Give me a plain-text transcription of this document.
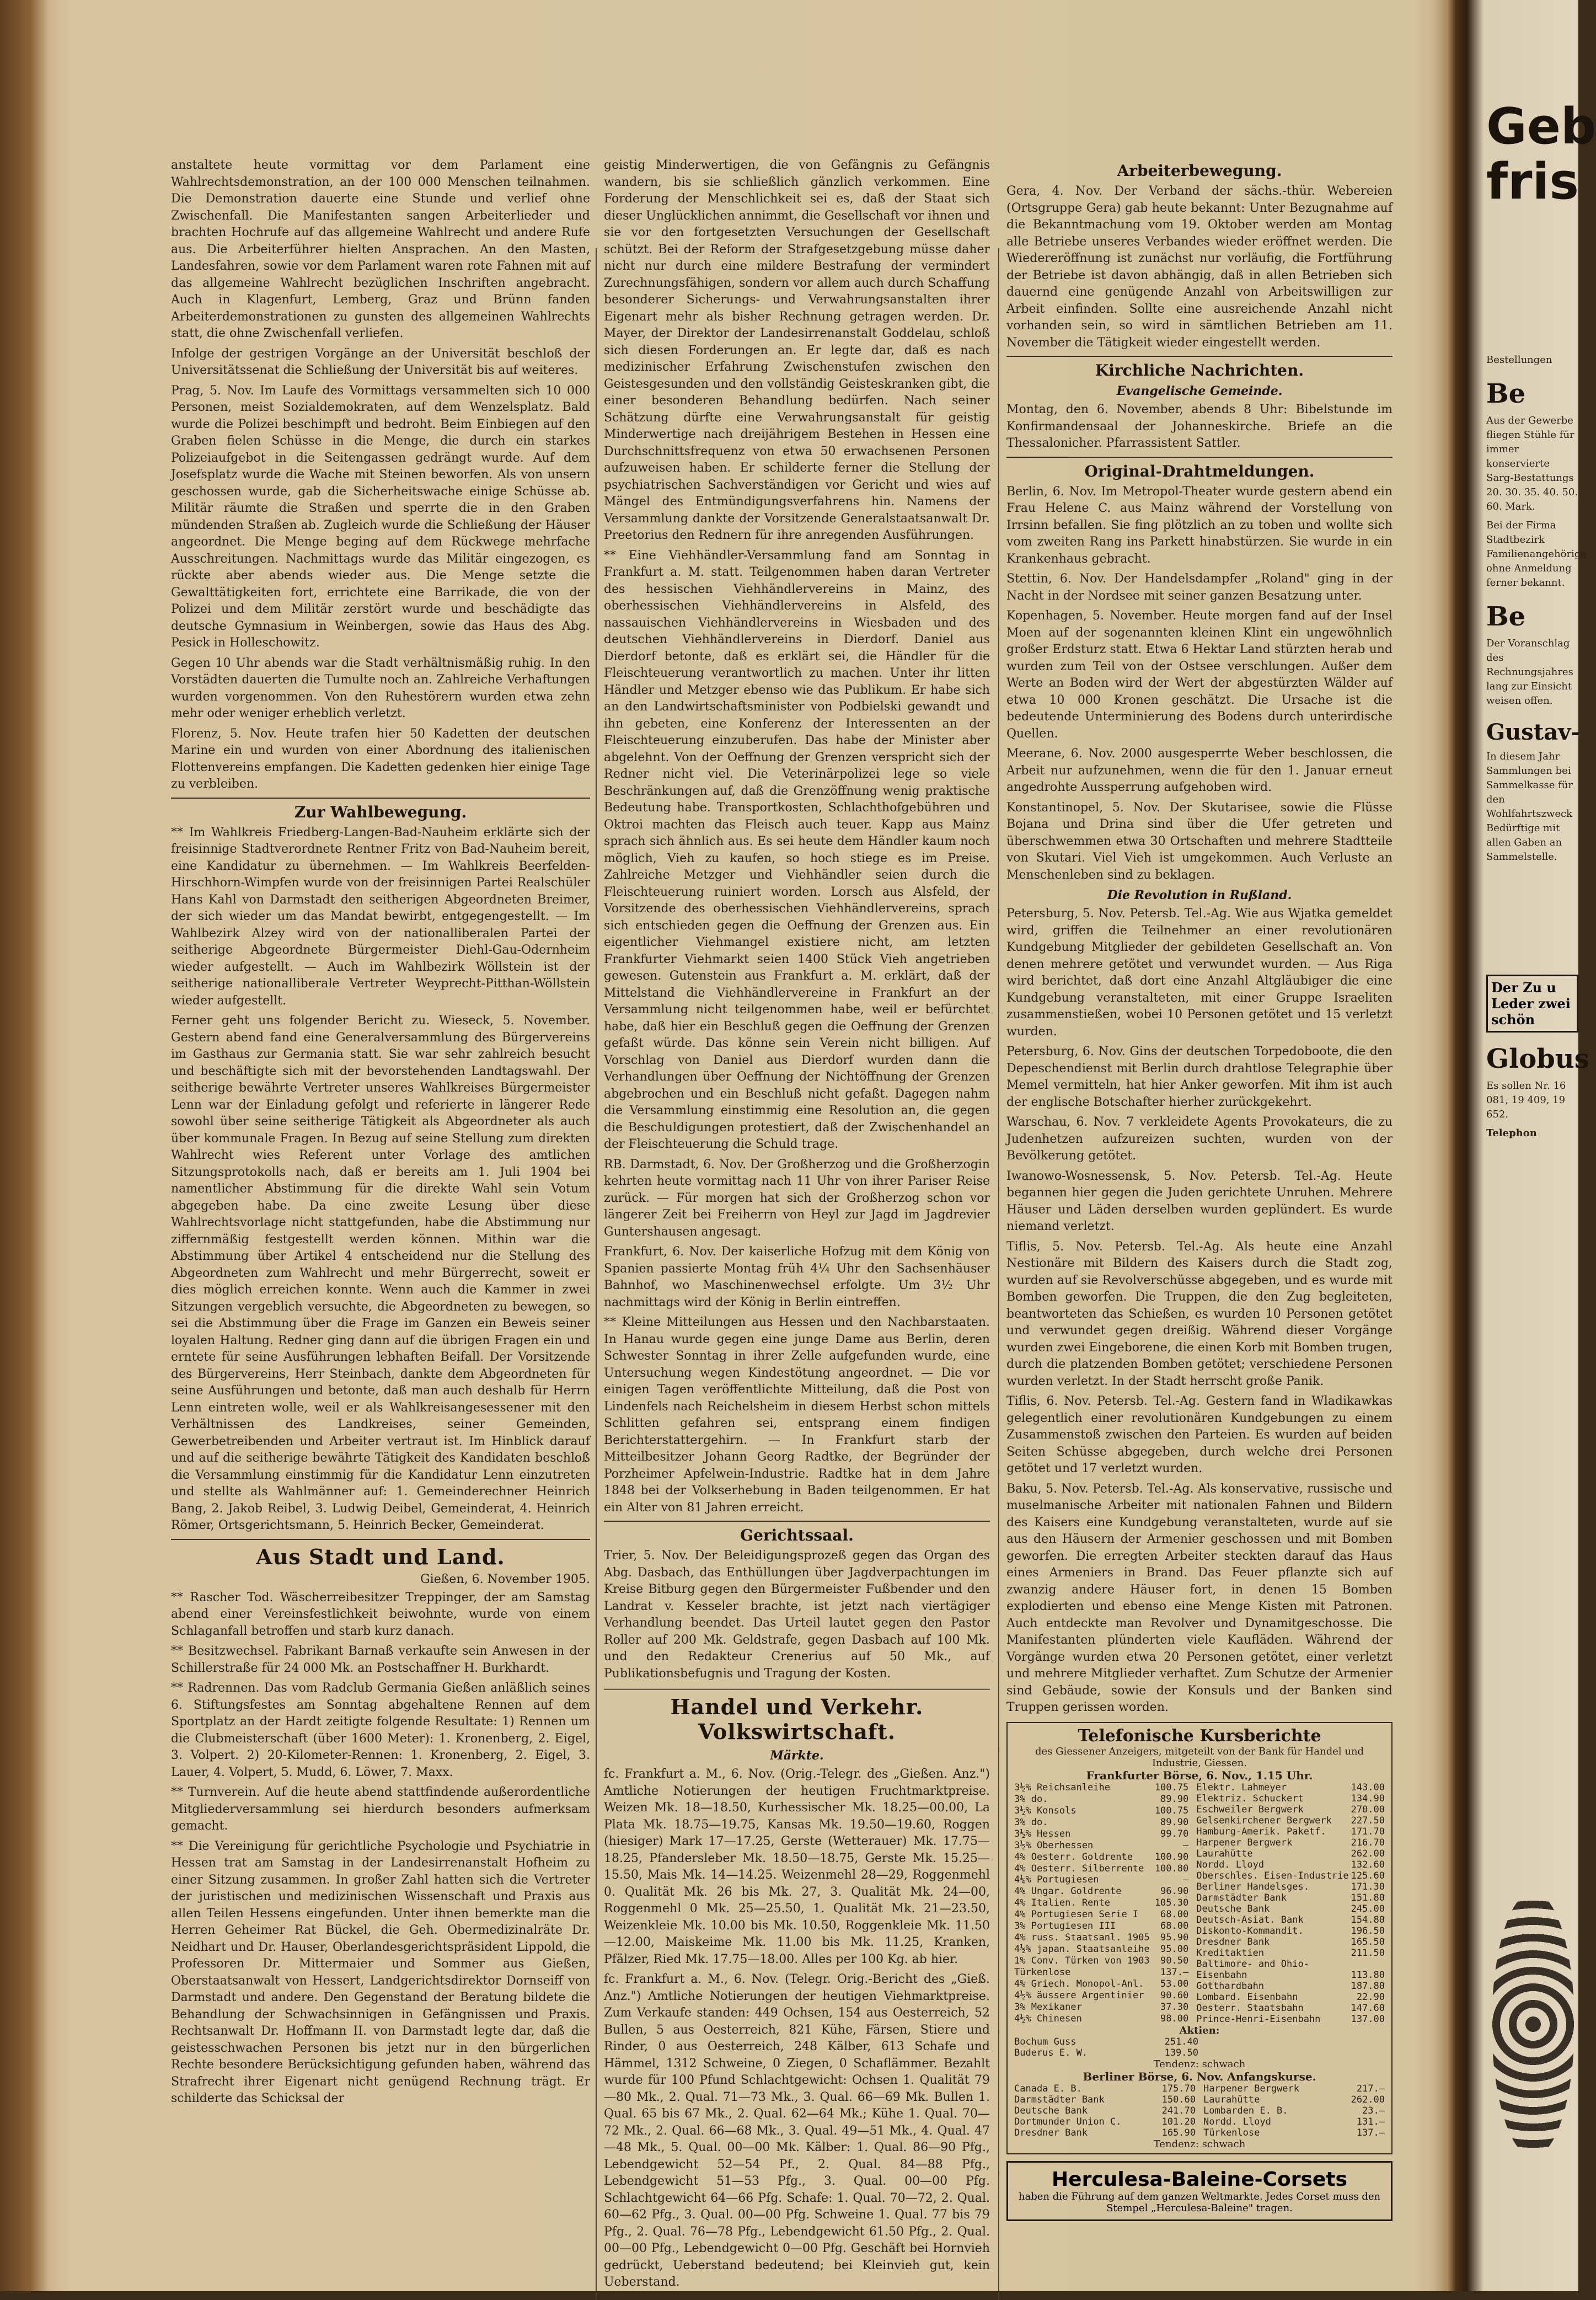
anstaltete heute vormittag vor dem Parlament eine Wahlrechtsdemonstration, an der 100 000 Menschen teilnahmen. Die Demonstration dauerte eine Stunde und verlief ohne Zwischenfall. Die Manifestanten sangen Arbeiterlieder und brachten Hochrufe auf das allgemeine Wahlrecht und andere Rufe aus. Die Arbeiterführer hielten Ansprachen. An den Masten, Landesfahren, sowie vor dem Parlament waren rote Fahnen mit auf das allgemeine Wahlrecht bezüglichen Inschriften angebracht. Auch in Klagenfurt, Lemberg, Graz und Brünn fanden Arbeiterdemonstrationen zu gunsten des allgemeinen Wahlrechts statt, die ohne Zwischenfall verliefen.

Infolge der gestrigen Vorgänge an der Universität beschloß der Universitätssenat die Schließung der Universität bis auf weiteres.

Prag, 5. Nov. Im Laufe des Vormittags versammelten sich 10 000 Personen, meist Sozialdemokraten, auf dem Wenzelsplatz. Bald wurde die Polizei beschimpft und bedroht. Beim Einbiegen auf den Graben fielen Schüsse in die Menge, die durch ein starkes Polizeiaufgebot in die Seitengassen gedrängt wurde. Auf dem Josefsplatz wurde die Wache mit Steinen beworfen. Als von unsern geschossen wurde, gab die Sicherheitswache einige Schüsse ab. Militär räumte die Straßen und sperrte die in den Graben mündenden Straßen ab. Zugleich wurde die Schließung der Häuser angeordnet. Die Menge beging auf dem Rückwege mehrfache Ausschreitungen. Nachmittags wurde das Militär eingezogen, es rückte aber abends wieder aus. Die Menge setzte die Gewalttätigkeiten fort, errichtete eine Barrikade, die von der Polizei und dem Militär zerstört wurde und beschädigte das deutsche Gymnasium in Weinbergen, sowie das Haus des Abg. Pesick in Holleschowitz.

Gegen 10 Uhr abends war die Stadt verhältnismäßig ruhig. In den Vorstädten dauerten die Tumulte noch an. Zahlreiche Verhaftungen wurden vorgenommen. Von den Ruhestörern wurden etwa zehn mehr oder weniger erheblich verletzt.

Florenz, 5. Nov. Heute trafen hier 50 Kadetten der deutschen Marine ein und wurden von einer Abordnung des italienischen Flottenvereins empfangen. Die Kadetten gedenken hier einige Tage zu verbleiben.

Zur Wahlbewegung.

** Im Wahlkreis Friedberg-Langen-Bad-Nauheim erklärte sich der freisinnige Stadtverordnete Rentner Fritz von Bad-Nauheim bereit, eine Kandidatur zu übernehmen. — Im Wahlkreis Beerfelden-Hirschhorn-Wimpfen wurde von der freisinnigen Partei Realschüler Hans Kahl von Darmstadt den seitherigen Abgeordneten Breimer, der sich wieder um das Mandat bewirbt, entgegengestellt. — Im Wahlbezirk Alzey wird von der nationalliberalen Partei der seitherige Abgeordnete Bürgermeister Diehl-Gau-Odernheim wieder aufgestellt. — Auch im Wahlbezirk Wöllstein ist der seitherige nationalliberale Vertreter Weyprecht-Pitthan-Wöllstein wieder aufgestellt.

Ferner geht uns folgender Bericht zu. Wieseck, 5. November. Gestern abend fand eine Generalversammlung des Bürgervereins im Gasthaus zur Germania statt. Sie war sehr zahlreich besucht und beschäftigte sich mit der bevorstehenden Landtagswahl. Der seitherige bewährte Vertreter unseres Wahlkreises Bürgermeister Lenn war der Einladung gefolgt und referierte in längerer Rede sowohl über seine seitherige Tätigkeit als Abgeordneter als auch über kommunale Fragen. In Bezug auf seine Stellung zum direkten Wahlrecht wies Referent unter Vorlage des amtlichen Sitzungsprotokolls nach, daß er bereits am 1. Juli 1904 bei namentlicher Abstimmung für die direkte Wahl sein Votum abgegeben habe. Da eine zweite Lesung über diese Wahlrechtsvorlage nicht stattgefunden, habe die Abstimmung nur ziffernmäßig festgestellt werden können. Mithin war die Abstimmung über Artikel 4 entscheidend nur die Stellung des Abgeordneten zum Wahlrecht und mehr Bürgerrecht, soweit er dies möglich erreichen konnte. Wenn auch die Kammer in zwei Sitzungen vergeblich versuchte, die Abgeordneten zu bewegen, so sei die Abstimmung über die Frage im Ganzen ein Beweis seiner loyalen Haltung. Redner ging dann auf die übrigen Fragen ein und erntete für seine Ausführungen lebhaften Beifall. Der Vorsitzende des Bürgervereins, Herr Steinbach, dankte dem Abgeordneten für seine Ausführungen und betonte, daß man auch deshalb für Herrn Lenn eintreten wolle, weil er als Wahlkreisangesessener mit den Verhältnissen des Landkreises, seiner Gemeinden, Gewerbetreibenden und Arbeiter vertraut ist. Im Hinblick darauf und auf die seitherige bewährte Tätigkeit des Kandidaten beschloß die Versammlung einstimmig für die Kandidatur Lenn einzutreten und stellte als Wahlmänner auf: 1. Gemeinderechner Heinrich Bang, 2. Jakob Reibel, 3. Ludwig Deibel, Gemeinderat, 4. Heinrich Römer, Ortsgerichtsmann, 5. Heinrich Becker, Gemeinderat.

Aus Stadt und Land.
Gießen, 6. November 1905.

** Rascher Tod. Wäscherreibesitzer Treppinger, der am Samstag abend einer Vereinsfestlichkeit beiwohnte, wurde von einem Schlaganfall betroffen und starb kurz danach.

** Besitzwechsel. Fabrikant Barnaß verkaufte sein Anwesen in der Schillerstraße für 24 000 Mk. an Postschaffner H. Burkhardt.

** Radrennen. Das vom Radclub Germania Gießen anläßlich seines 6. Stiftungsfestes am Sonntag abgehaltene Rennen auf dem Sportplatz an der Hardt zeitigte folgende Resultate: 1) Rennen um die Clubmeisterschaft (über 1600 Meter): 1. Kronenberg, 2. Eigel, 3. Volpert. 2) 20-Kilometer-Rennen: 1. Kronenberg, 2. Eigel, 3. Lauer, 4. Volpert, 5. Mudd, 6. Löwer, 7. Maxx.

** Turnverein. Auf die heute abend stattfindende außerordentliche Mitgliederversammlung sei hierdurch besonders aufmerksam gemacht.

** Die Vereinigung für gerichtliche Psychologie und Psychiatrie in Hessen trat am Samstag in der Landesirrenanstalt Hofheim zu einer Sitzung zusammen. In großer Zahl hatten sich die Vertreter der juristischen und medizinischen Wissenschaft und Praxis aus allen Teilen Hessens eingefunden. Unter ihnen bemerkte man die Herren Geheimer Rat Bückel, die Geh. Obermedizinalräte Dr. Neidhart und Dr. Hauser, Oberlandesgerichtspräsident Lippold, die Professoren Dr. Mittermaier und Sommer aus Gießen, Oberstaatsanwalt von Hessert, Landgerichtsdirektor Dornseiff von Darmstadt und andere. Den Gegenstand der Beratung bildete die Behandlung der Schwachsinnigen in Gefängnissen und Praxis. Rechtsanwalt Dr. Hoffmann II. von Darmstadt legte dar, daß die geistesschwachen Personen bis jetzt nur in den bürgerlichen Rechte besondere Berücksichtigung gefunden haben, während das Strafrecht ihrer Eigenart nicht genügend Rechnung trägt. Er schilderte das Schicksal der

geistig Minderwertigen, die von Gefängnis zu Gefängnis wandern, bis sie schließlich gänzlich verkommen. Eine Forderung der Menschlichkeit sei es, daß der Staat sich dieser Unglücklichen annimmt, die Gesellschaft vor ihnen und sie vor den fortgesetzten Versuchungen der Gesellschaft schützt. Bei der Reform der Strafgesetzgebung müsse daher nicht nur durch eine mildere Bestrafung der vermindert Zurechnungsfähigen, sondern vor allem auch durch Schaffung besonderer Sicherungs- und Verwahrungsanstalten ihrer Eigenart mehr als bisher Rechnung getragen werden. Dr. Mayer, der Direktor der Landesirrenanstalt Goddelau, schloß sich diesen Forderungen an. Er legte dar, daß es nach medizinischer Erfahrung Zwischenstufen zwischen den Geistesgesunden und den vollständig Geisteskranken gibt, die einer besonderen Behandlung bedürfen. Nach seiner Schätzung dürfte eine Verwahrungsanstalt für geistig Minderwertige nach dreijährigem Bestehen in Hessen eine Durchschnittsfrequenz von etwa 50 erwachsenen Personen aufzuweisen haben. Er schilderte ferner die Stellung der psychiatrischen Sachverständigen vor Gericht und wies auf Mängel des Entmündigungsverfahrens hin. Namens der Versammlung dankte der Vorsitzende Generalstaatsanwalt Dr. Preetorius den Rednern für ihre anregenden Ausführungen.

** Eine Viehhändler-Versammlung fand am Sonntag in Frankfurt a. M. statt. Teilgenommen haben daran Vertreter des hessischen Viehhändlervereins in Mainz, des oberhessischen Viehhändlervereins in Alsfeld, des nassauischen Viehhändlervereins in Wiesbaden und des deutschen Viehhändlervereins in Dierdorf. Daniel aus Dierdorf betonte, daß es erklärt sei, die Händler für die Fleischteuerung verantwortlich zu machen. Unter ihr litten Händler und Metzger ebenso wie das Publikum. Er habe sich an den Landwirtschaftsminister von Podbielski gewandt und ihn gebeten, eine Konferenz der Interessenten an der Fleischteuerung einzuberufen. Das habe der Minister aber abgelehnt. Von der Oeffnung der Grenzen verspricht sich der Redner nicht viel. Die Veterinärpolizei lege so viele Beschränkungen auf, daß die Grenzöffnung wenig praktische Bedeutung habe. Transportkosten, Schlachthofgebühren und Oktroi machten das Fleisch auch teuer. Kapp aus Mainz sprach sich ähnlich aus. Es sei heute dem Händler kaum noch möglich, Vieh zu kaufen, so hoch stiege es im Preise. Zahlreiche Metzger und Viehhändler seien durch die Fleischteuerung ruiniert worden. Lorsch aus Alsfeld, der Vorsitzende des oberhessischen Viehhändlervereins, sprach sich entschieden gegen die Oeffnung der Grenzen aus. Ein eigentlicher Viehmangel existiere nicht, am letzten Frankfurter Viehmarkt seien 1400 Stück Vieh angetrieben gewesen. Gutenstein aus Frankfurt a. M. erklärt, daß der Mittelstand die Viehhändlervereine in Frankfurt an der Versammlung nicht teilgenommen habe, weil er befürchtet habe, daß hier ein Beschluß gegen die Oeffnung der Grenzen gefaßt würde. Das könne sein Verein nicht billigen. Auf Vorschlag von Daniel aus Dierdorf wurden dann die Verhandlungen über Oeffnung der Nichtöffnung der Grenzen abgebrochen und ein Beschluß nicht gefaßt. Dagegen nahm die Versammlung einstimmig eine Resolution an, die gegen die Beschuldigungen protestiert, daß der Zwischenhandel an der Fleischteuerung die Schuld trage.

RB. Darmstadt, 6. Nov. Der Großherzog und die Großherzogin kehrten heute vormittag nach 11 Uhr von ihrer Pariser Reise zurück. — Für morgen hat sich der Großherzog schon vor längerer Zeit bei Freiherrn von Heyl zur Jagd im Jagdrevier Guntershausen angesagt.

Frankfurt, 6. Nov. Der kaiserliche Hofzug mit dem König von Spanien passierte Montag früh 4¼ Uhr den Sachsenhäuser Bahnhof, wo Maschinenwechsel erfolgte. Um 3½ Uhr nachmittags wird der König in Berlin eintreffen.

** Kleine Mitteilungen aus Hessen und den Nachbarstaaten. In Hanau wurde gegen eine junge Dame aus Berlin, deren Schwester Sonntag in ihrer Zelle aufgefunden wurde, eine Untersuchung wegen Kindestötung angeordnet. — Die vor einigen Tagen veröffentlichte Mitteilung, daß die Post von Lindenfels nach Reichelsheim in diesem Herbst schon mittels Schlitten gefahren sei, entsprang einem findigen Berichterstattergehirn. — In Frankfurt starb der Mitteilbesitzer Johann Georg Radtke, der Begründer der Porzheimer Apfelwein-Industrie. Radtke hat in dem Jahre 1848 bei der Volkserhebung in Baden teilgenommen. Er hat ein Alter von 81 Jahren erreicht.

Gerichtssaal.

Trier, 5. Nov. Der Beleidigungsprozeß gegen das Organ des Abg. Dasbach, das Enthüllungen über Jagdverpachtungen im Kreise Bitburg gegen den Bürgermeister Fußbender und den Landrat v. Kesseler brachte, ist jetzt nach viertägiger Verhandlung beendet. Das Urteil lautet gegen den Pastor Roller auf 200 Mk. Geldstrafe, gegen Dasbach auf 100 Mk. und den Redakteur Crenerius auf 50 Mk., auf Publikationsbefugnis und Tragung der Kosten.

Handel und Verkehr. Volkswirtschaft.
Märkte.

fc. Frankfurt a. M., 6. Nov. (Orig.-Telegr. des „Gießen. Anz.") Amtliche Notierungen der heutigen Fruchtmarktpreise. Weizen Mk. 18—18.50, Kurhessischer Mk. 18.25—00.00, La Plata Mk. 18.75—19.75, Kansas Mk. 19.50—19.60, Roggen (hiesiger) Mark 17—17.25, Gerste (Wetterauer) Mk. 17.75—18.25, Pfandersleber Mk. 18.50—18.75, Gerste Mk. 15.25—15.50, Mais Mk. 14—14.25. Weizenmehl 28—29, Roggenmehl 0. Qualität Mk. 26 bis Mk. 27, 3. Qualität Mk. 24—00, Roggenmehl 0 Mk. 25—25.50, 1. Qualität Mk. 21—23.50, Weizenkleie Mk. 10.00 bis Mk. 10.50, Roggenkleie Mk. 11.50—12.00, Maiskeime Mk. 11.00 bis Mk. 11.25, Kranken, Pfälzer, Ried Mk. 17.75—18.00. Alles per 100 Kg. ab hier.

fc. Frankfurt a. M., 6. Nov. (Telegr. Orig.-Bericht des „Gieß. Anz.") Amtliche Notierungen der heutigen Viehmarktpreise. Zum Verkaufe standen: 449 Ochsen, 154 aus Oesterreich, 52 Bullen, 5 aus Oesterreich, 821 Kühe, Färsen, Stiere und Rinder, 0 aus Oesterreich, 248 Kälber, 613 Schafe und Hämmel, 1312 Schweine, 0 Ziegen, 0 Schaflämmer. Bezahlt wurde für 100 Pfund Schlachtgewicht: Ochsen 1. Qualität 79—80 Mk., 2. Qual. 71—73 Mk., 3. Qual. 66—69 Mk. Bullen 1. Qual. 65 bis 67 Mk., 2. Qual. 62—64 Mk.; Kühe 1. Qual. 70—72 Mk., 2. Qual. 66—68 Mk., 3. Qual. 49—51 Mk., 4. Qual. 47—48 Mk., 5. Qual. 00—00 Mk. Kälber: 1. Qual. 86—90 Pfg., Lebendgewicht 52—54 Pf., 2. Qual. 84—88 Pfg., Lebendgewicht 51—53 Pfg., 3. Qual. 00—00 Pfg. Schlachtgewicht 64—66 Pfg. Schafe: 1. Qual. 70—72, 2. Qual. 60—62 Pfg., 3. Qual. 00—00 Pfg. Schweine 1. Qual. 77 bis 79 Pfg., 2. Qual. 76—78 Pfg., Lebendgewicht 61.50 Pfg., 2. Qual. 00—00 Pfg., Lebendgewicht 0—00 Pfg. Geschäft bei Hornvieh gedrückt, Ueberstand bedeutend; bei Kleinvieh gut, kein Ueberstand.

Arbeiterbewegung.

Gera, 4. Nov. Der Verband der sächs.-thür. Webereien (Ortsgruppe Gera) gab heute bekannt: Unter Bezugnahme auf die Bekanntmachung vom 19. Oktober werden am Montag alle Betriebe unseres Verbandes wieder eröffnet werden. Die Wiedereröffnung ist zunächst nur vorläufig, die Fortführung der Betriebe ist davon abhängig, daß in allen Betrieben sich dauernd eine genügende Anzahl von Arbeitswilligen zur Arbeit einfinden. Sollte eine ausreichende Anzahl nicht vorhanden sein, so wird in sämtlichen Betrieben am 11. November die Tätigkeit wieder eingestellt werden.

Kirchliche Nachrichten.
Evangelische Gemeinde.

Montag, den 6. November, abends 8 Uhr: Bibelstunde im Konfirmandensaal der Johanneskirche. Briefe an die Thessalonicher. Pfarrassistent Sattler.

Original-Drahtmeldungen.

Berlin, 6. Nov. Im Metropol-Theater wurde gestern abend ein Frau Helene C. aus Mainz während der Vorstellung von Irrsinn befallen. Sie fing plötzlich an zu toben und wollte sich vom zweiten Rang ins Parkett hinabstürzen. Sie wurde in ein Krankenhaus gebracht.

Stettin, 6. Nov. Der Handelsdampfer „Roland" ging in der Nacht in der Nordsee mit seiner ganzen Besatzung unter.

Kopenhagen, 5. November. Heute morgen fand auf der Insel Moen auf der sogenannten kleinen Klint ein ungewöhnlich großer Erdsturz statt. Etwa 6 Hektar Land stürzten herab und wurden zum Teil von der Ostsee verschlungen. Außer dem Werte an Boden wird der Wert der abgestürzten Wälder auf etwa 10 000 Kronen geschätzt. Die Ursache ist die bedeutende Unterminierung des Bodens durch unterirdische Quellen.

Meerane, 6. Nov. 2000 ausgesperrte Weber beschlossen, die Arbeit nur aufzunehmen, wenn die für den 1. Januar erneut angedrohte Aussperrung aufgehoben wird.

Konstantinopel, 5. Nov. Der Skutarisee, sowie die Flüsse Bojana und Drina sind über die Ufer getreten und überschwemmen etwa 30 Ortschaften und mehrere Stadtteile von Skutari. Viel Vieh ist umgekommen. Auch Verluste an Menschenleben sind zu beklagen.

Die Revolution in Rußland.

Petersburg, 5. Nov. Petersb. Tel.-Ag. Wie aus Wjatka gemeldet wird, griffen die Teilnehmer an einer revolutionären Kundgebung Mitglieder der gebildeten Gesellschaft an. Von denen mehrere getötet und verwundet wurden. — Aus Riga wird berichtet, daß dort eine Anzahl Altgläubiger die eine Kundgebung veranstalteten, mit einer Gruppe Israeliten zusammenstießen, wobei 10 Personen getötet und 15 verletzt wurden.

Petersburg, 6. Nov. Gins der deutschen Torpedoboote, die den Depeschendienst mit Berlin durch drahtlose Telegraphie über Memel vermitteln, hat hier Anker geworfen. Mit ihm ist auch der englische Botschafter hierher zurückgekehrt.

Warschau, 6. Nov. 7 verkleidete Agents Provokateurs, die zu Judenhetzen aufzureizen suchten, wurden von der Bevölkerung getötet.

Iwanowo-Wosnessensk, 5. Nov. Petersb. Tel.-Ag. Heute begannen hier gegen die Juden gerichtete Unruhen. Mehrere Häuser und Läden derselben wurden geplündert. Es wurde niemand verletzt.

Tiflis, 5. Nov. Petersb. Tel.-Ag. Als heute eine Anzahl Nestionäre mit Bildern des Kaisers durch die Stadt zog, wurden auf sie Revolverschüsse abgegeben, und es wurde mit Bomben geworfen. Die Truppen, die den Zug begleiteten, beantworteten das Schießen, es wurden 10 Personen getötet und verwundet gegen dreißig. Während dieser Vorgänge wurden zwei Eingeborene, die einen Korb mit Bomben trugen, durch die platzenden Bomben getötet; verschiedene Personen wurden verletzt. In der Stadt herrscht große Panik.

Tiflis, 6. Nov. Petersb. Tel.-Ag. Gestern fand in Wladikawkas gelegentlich einer revolutionären Kundgebungen zu einem Zusammenstoß zwischen den Parteien. Es wurden auf beiden Seiten Schüsse abgegeben, durch welche drei Personen getötet und 17 verletzt wurden.

Baku, 5. Nov. Petersb. Tel.-Ag. Als konservative, russische und muselmanische Arbeiter mit nationalen Fahnen und Bildern des Kaisers eine Kundgebung veranstalteten, wurde auf sie aus den Häusern der Armenier geschossen und mit Bomben geworfen. Die erregten Arbeiter steckten darauf das Haus eines Armeniers in Brand. Das Feuer pflanzte sich auf zwanzig andere Häuser fort, in denen 15 Bomben explodierten und ebenso eine Menge Kisten mit Patronen. Auch entdeckte man Revolver und Dynamitgeschosse. Die Manifestanten plünderten viele Kaufläden. Während der Vorgänge wurden etwa 20 Personen getötet, einer verletzt und mehrere Mitglieder verhaftet. Zum Schutze der Armenier sind Gebäude, sowie der Konsuls und der Banken sind Truppen gerissen worden.

Telefonische Kursberichte
des Giessener Anzeigers, mitgeteilt von der Bank für Handel und Industrie, Giessen.
Frankfurter Börse, 6. Nov., 1.15 Uhr.
3½% Reichsanleihe	100.75
3% do.	89.90
3½% Konsols	100.75
3% do.	89.90
3½% Hessen	99.70
3½% Oberhessen	—
4% Oesterr. Goldrente	100.90
4% Oesterr. Silberrente	100.80
4¼% Portugiesen	—
4% Ungar. Goldrente	96.90
4% Italien. Rente	105.30
4% Portugiesen Serie I	68.00
3% Portugiesen III	68.00
4% russ. Staatsanl. 1905	95.90
4½% japan. Staatsanleihe	95.00
1% Conv. Türken von 1903	90.50
Türkenlose	137.—
4% Griech. Monopol-Anl.	53.00
4½% äussere Argentinier	90.60
3% Mexikaner	37.30
4½% Chinesen	98.00
Elektr. Lahmeyer	143.00
Elektriz. Schuckert	134.90
Eschweiler Bergwerk	270.00
Gelsenkirchener Bergwerk	227.50
Hamburg-Amerik. Paketf.	171.70
Harpener Bergwerk	216.70
Laurahütte	262.00
Nordd. Lloyd	132.60
Oberschles. Eisen-Industrie	125.60
Berliner Handelsges.	171.30
Darmstädter Bank	151.80
Deutsche Bank	245.00
Deutsch-Asiat. Bank	154.80
Diskonto-Kommandit.	196.50
Dresdner Bank	165.50
Kreditaktien	211.50
Baltimore- and Ohio-	
Eisenbahn	113.80
Gotthardbahn	187.80
Lombard. Eisenbahn	22.90
Oesterr. Staatsbahn	147.60
Prince-Henri-Eisenbahn	137.00
Aktien:
Bochum Guss	251.40
Buderus E. W.	139.50
Tendenz: schwach
Berliner Börse, 6. Nov. Anfangskurse.
Canada E. B.	175.70
Darmstädter Bank	150.60
Deutsche Bank	241.70
Dortmunder Union C.	101.20
Dresdner Bank	165.90
Harpener Bergwerk	217.—
Laurahütte	262.00
Lombarden E. B.	23.—
Nordd. Lloyd	131.—
Türkenlose	137.—
Tendenz: schwach
Herculesa-Baleine-Corsets
haben die Führung auf dem ganzen Weltmarkte. Jedes Corset muss den Stempel „Herculesa-Baleine" tragen.
Geb
fris
Bestellungen
Be
Aus der Gewerbe fliegen Stühle für immer konservierte Sarg-Bestattungs 20. 30. 35. 40. 50. 60. Mark.
Bei der Firma Stadtbezirk Familienangehörige ohne Anmeldung ferner bekannt.
Be
Der Voranschlag des Rechnungsjahres lang zur Einsicht weisen offen.
Gustav-
In diesem Jahr Sammlungen bei Sammelkasse für den Wohlfahrtszweck Bedürftige mit allen Gaben an Sammelstelle.
Der Zu u Leder zwei schön
Globus
Es sollen Nr. 16 081, 19 409, 19 652.
Telephon
